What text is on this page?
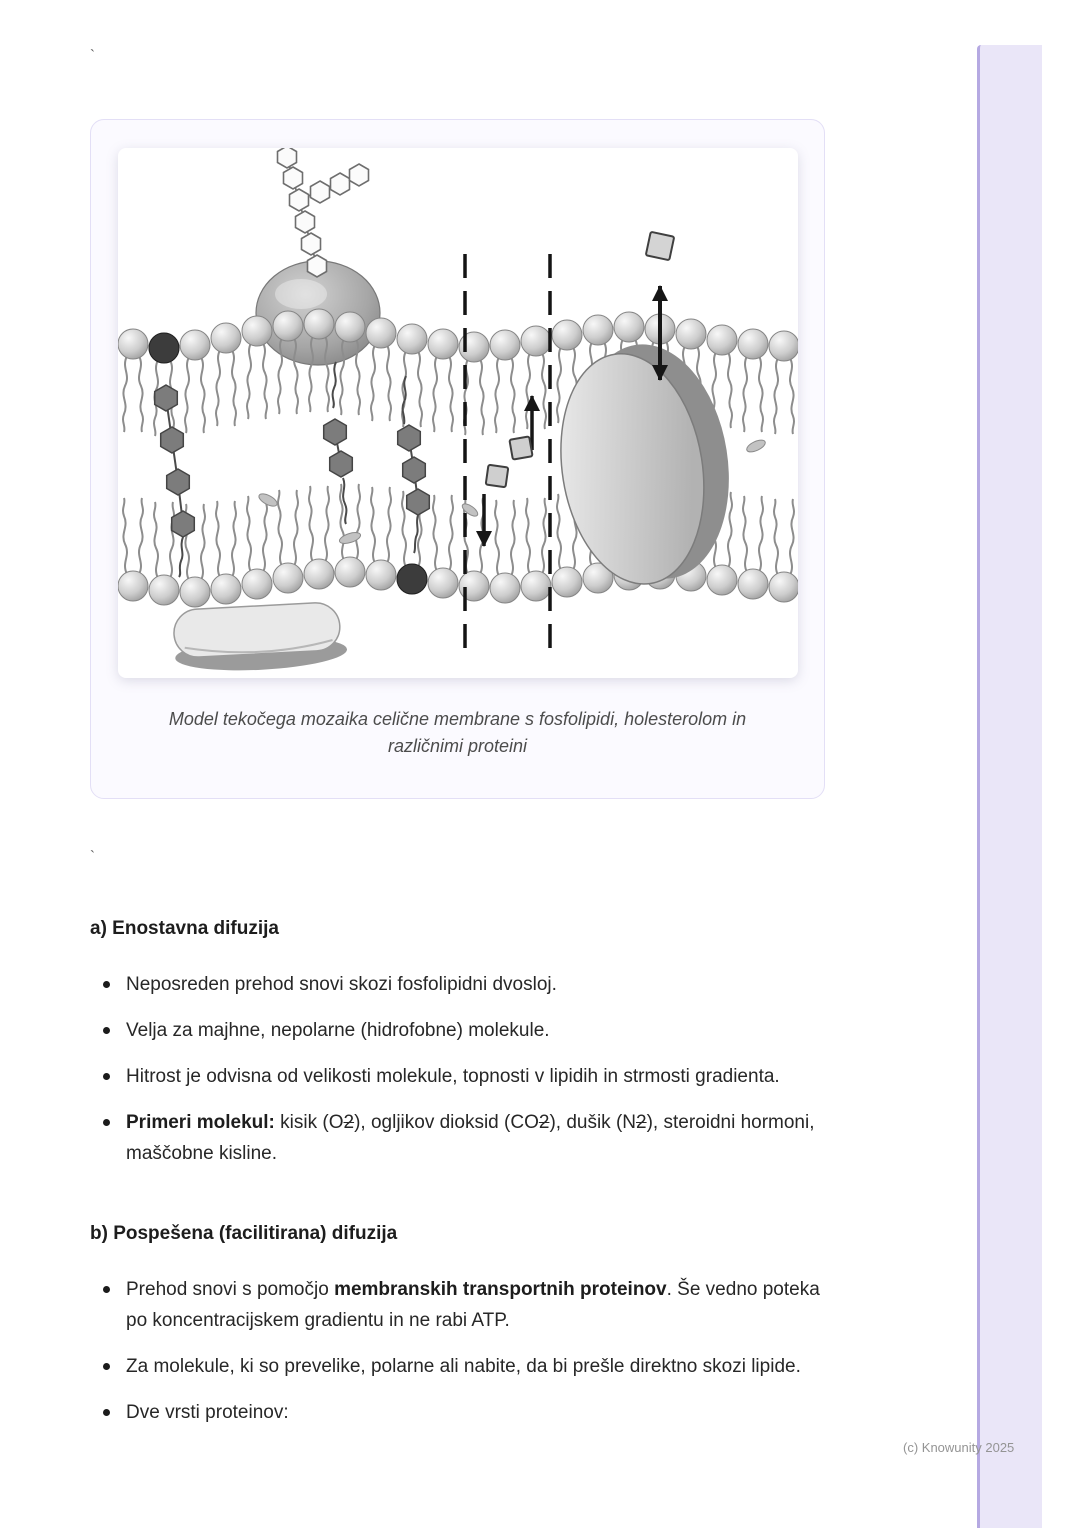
`
Model tekočega mozaika celične membrane s fosfolipidi, holesterolom in različnimi proteini
`
a) Enostavna difuzija
Neposreden prehod snovi skozi fosfolipidni dvosloj.
Velja za majhne, nepolarne (hidrofobne) molekule.
Hitrost je odvisna od velikosti molekule, topnosti v lipidih in strmosti gradienta.
Primeri molekul: kisik (O2), ogljikov dioksid (CO2), dušik (N2), steroidni hormoni, maščobne kisline.
b) Pospešena (facilitirana) difuzija
Prehod snovi s pomočjo membranskih transportnih proteinov. Še vedno poteka po koncentracijskem gradientu in ne rabi ATP.
Za molekule, ki so prevelike, polarne ali nabite, da bi prešle direktno skozi lipide.
Dve vrsti proteinov:
(c) Knowunity 2025
